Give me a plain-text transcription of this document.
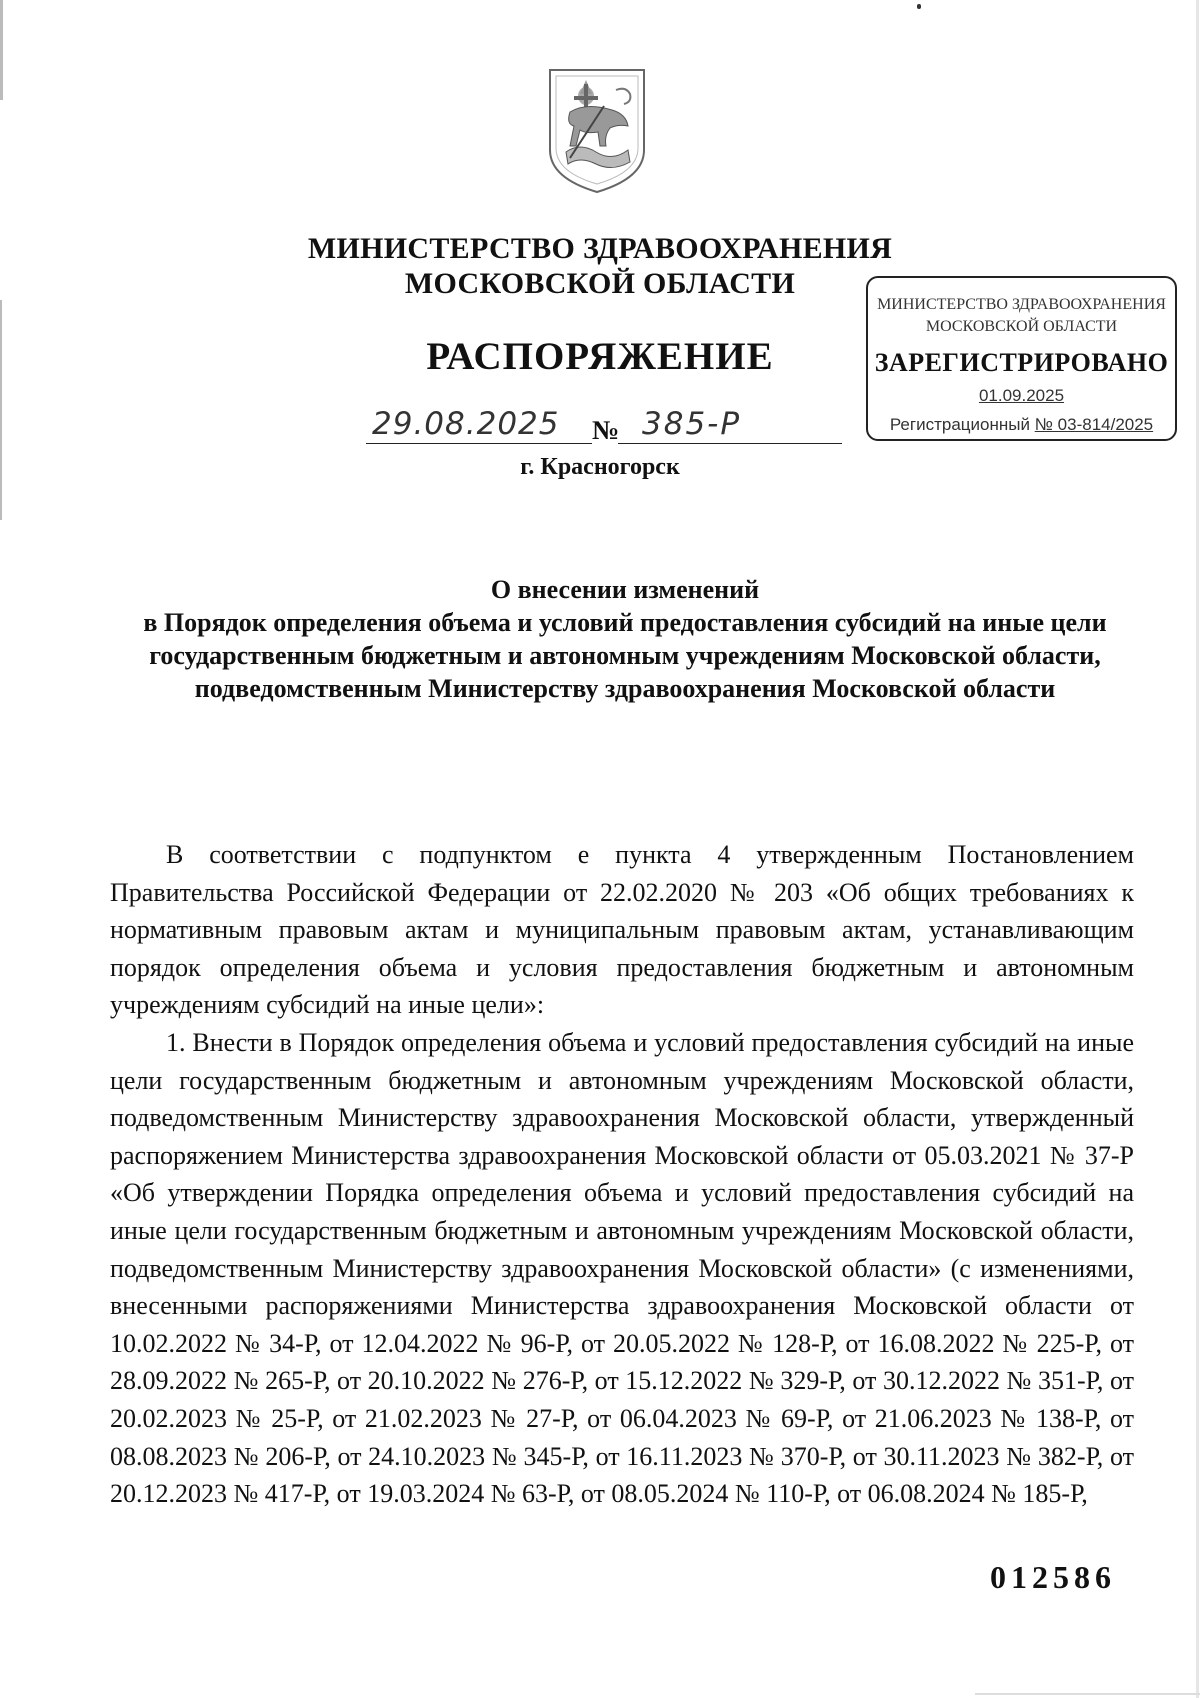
МИНИСТЕРСТВО ЗДРАВООХРАНЕНИЯ
МОСКОВСКОЙ ОБЛАСТИ
РАСПОРЯЖЕНИЕ
29.08.2025	№ 385-Р
г. Красногорск
МИНИСТЕРСТВО ЗДРАВООХРАНЕНИЯ
МОСКОВСКОЙ ОБЛАСТИ
ЗАРЕГИСТРИРОВАНО
01.09.2025
Регистрационный № 03-814/2025
О внесении изменений
в Порядок определения объема и условий предоставления субсидий на иные цели государственным бюджетным и автономным учреждениям Московской области, подведомственным Министерству здравоохранения Московской области

В соответствии с подпунктом е пункта 4 утвержденным Постановлением Правительства Российской Федерации от 22.02.2020 № 203 «Об общих требованиях к нормативным правовым актам и муниципальным правовым актам, устанавливающим порядок определения объема и условия предоставления бюджетным и автономным учреждениям субсидий на иные цели»:

1. Внести в Порядок определения объема и условий предоставления субсидий на иные цели государственным бюджетным и автономным учреждениям Московской области, подведомственным Министерству здравоохранения Московской области, утвержденный распоряжением Министерства здравоохранения Московской области от 05.03.2021 № 37-Р «Об утверждении Порядка определения объема и условий предоставления субсидий на иные цели государственным бюджетным и автономным учреждениям Московской области, подведомственным Министерству здравоохранения Московской области» (с изменениями, внесенными распоряжениями Министерства здравоохранения Московской области от 10.02.2022 № 34-Р, от 12.04.2022 № 96-Р, от 20.05.2022 № 128-Р, от 16.08.2022 № 225-Р, от 28.09.2022 № 265-Р, от 20.10.2022 № 276-Р, от 15.12.2022 № 329-Р, от 30.12.2022 № 351-Р, от 20.02.2023 № 25-Р, от 21.02.2023 № 27-Р, от 06.04.2023 № 69-Р, от 21.06.2023 № 138-Р, от 08.08.2023 № 206-Р, от 24.10.2023 № 345-Р, от 16.11.2023 № 370-Р, от 30.11.2023 № 382-Р, от 20.12.2023 № 417-Р, от 19.03.2024 № 63-Р, от 08.05.2024 № 110-Р, от 06.08.2024 № 185-Р,

012586
